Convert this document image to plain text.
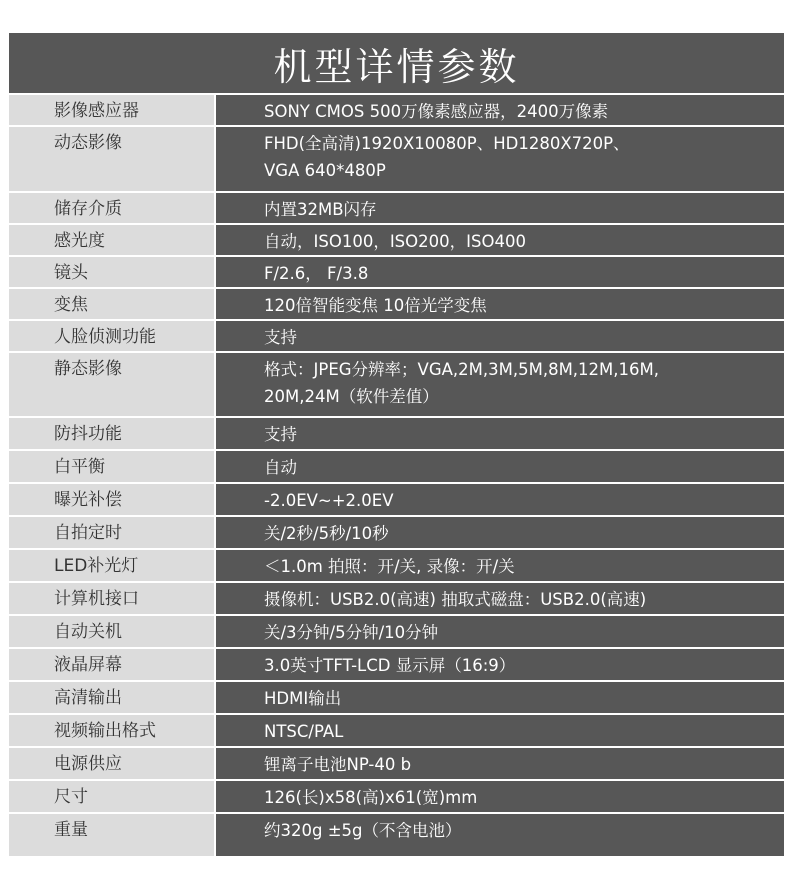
机型详情参数
影像感应器	SONY CMOS 500万像素感应器，2400万像素
动态影像	FHD(全高清)1920X10080P、HD1280X720P、
VGA 640*480P
储存介质	内置32MB闪存
感光度	自动，ISO100，ISO200，ISO400
镜头	F/2.6， F/3.8
变焦	120倍智能变焦 10倍光学变焦
人脸侦测功能	支持
静态影像	格式：JPEG分辨率；VGA,2M,3M,5M,8M,12M,16M,
20M,24M（软件差值）
防抖功能	支持
白平衡	自动
曝光补偿	-2.0EV~+2.0EV
自拍定时	关/2秒/5秒/10秒
LED补光灯	＜1.0m 拍照：开/关, 录像：开/关
计算机接口	摄像机：USB2.0(高速) 抽取式磁盘：USB2.0(高速)
自动关机	关/3分钟/5分钟/10分钟
液晶屏幕	3.0英寸TFT-LCD 显示屏（16:9）
高清输出	HDMI输出
视频输出格式	NTSC/PAL
电源供应	锂离子电池NP-40 b
尺寸	126(长)x58(高)x61(宽)mm
重量	约320g ±5g（不含电池）
